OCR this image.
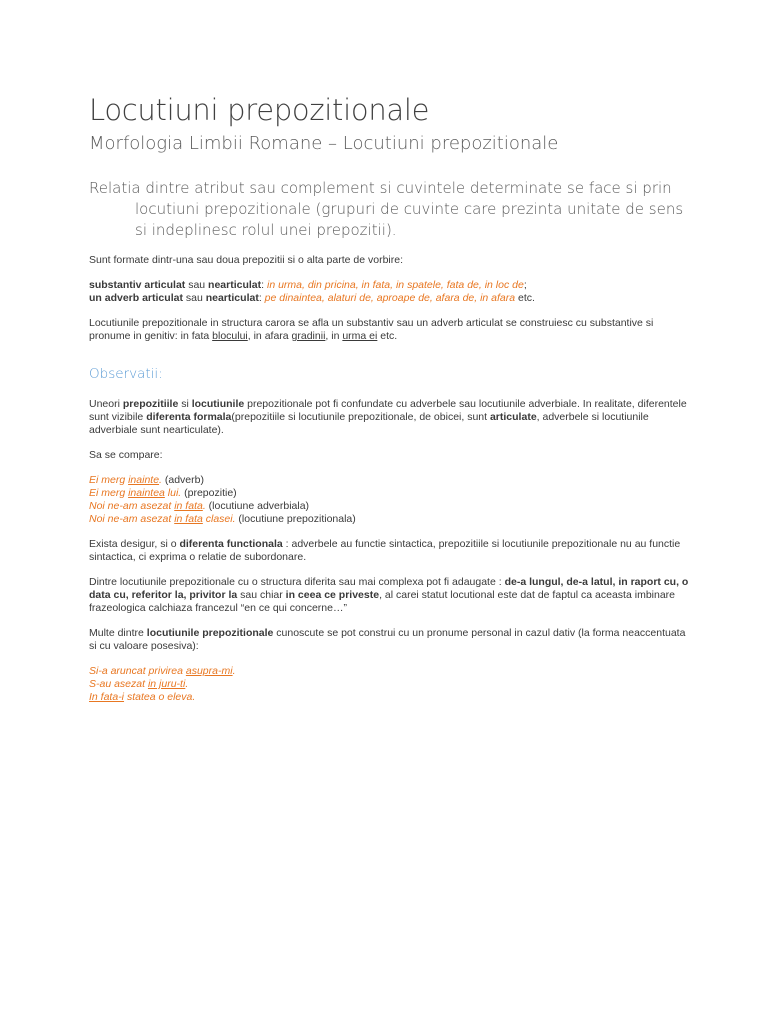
Locutiuni prepozitionale
Morfologia Limbii Romane – Locutiuni prepozitionale

Relatia dintre atribut sau complement si cuvintele determinate se face si prin locutiuni prepozitionale (grupuri de cuvinte care prezinta unitate de sens si indeplinesc rolul unei prepozitii).

Sunt formate dintr-una sau doua prepozitii si o alta parte de vorbire:

substantiv articulat sau nearticulat: in urma, din pricina, in fata, in spatele, fata de, in loc de;
un adverb articulat sau nearticulat: pe dinaintea, alaturi de, aproape de, afara de, in afara etc.

Locutiunile prepozitionale in structura carora se afla un substantiv sau un adverb articulat se construiesc cu substantive si pronume in genitiv: in fata blocului, in afara gradinii, in urma ei etc.

Observatii:

Uneori prepozitiile si locutiunile prepozitionale pot fi confundate cu adverbele sau locutiunile adverbiale. In realitate, diferentele sunt vizibile diferenta formala(prepozitiile si locutiunile prepozitionale, de obicei, sunt articulate, adverbele si locutiunile adverbiale sunt nearticulate).

Sa se compare:

Ei merg inainte. (adverb)

Ei merg inaintea lui. (prepozitie)

Noi ne-am asezat in fata. (locutiune adverbiala)

Noi ne-am asezat in fata clasei. (locutiune prepozitionala)

Exista desigur, si o diferenta functionala : adverbele au functie sintactica, prepozitiile si locutiunile prepozitionale nu au functie sintactica, ci exprima o relatie de subordonare.

Dintre locutiunile prepozitionale cu o structura diferita sau mai complexa pot fi adaugate : de-a lungul, de-a latul, in raport cu, o data cu, referitor la, privitor la sau chiar in ceea ce priveste, al carei statut locutional este dat de faptul ca aceasta imbinare frazeologica calchiaza francezul “en ce qui concerne…”

Multe dintre locutiunile prepozitionale cunoscute se pot construi cu un pronume personal in cazul dativ (la forma neaccentuata si cu valoare posesiva):

Si-a aruncat privirea asupra-mi.

S-au asezat in juru-ti.

In fata-i statea o eleva.
